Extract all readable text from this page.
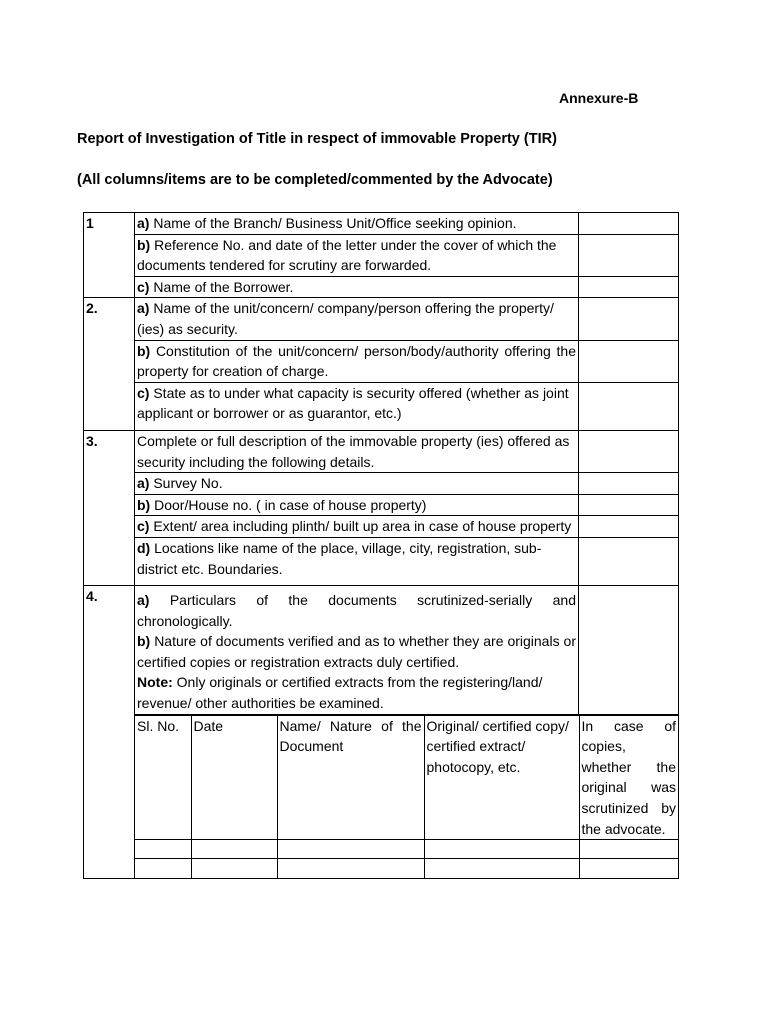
Annexure-B
Report of Investigation of Title in respect of immovable Property (TIR)
(All columns/items are to be completed/commented by the Advocate)
1	a) Name of the Branch/ Business Unit/Office seeking opinion.	
b) Reference No. and date of the letter under the cover of which the documents tendered for scrutiny are forwarded.	
c) Name of the Borrower.	
2.	a) Name of the unit/concern/ company/person offering the property/ (ies) as security.	
b) Constitution of the unit/concern/ person/body/authority offering the property for creation of charge.	
c) State as to under what capacity is security offered (whether as joint applicant or borrower or as guarantor, etc.)

3.	Complete or full description of the immovable property (ies) offered as security including the following details.	
a) Survey No.	
b) Door/House no. ( in case of house property)	
c) Extent/ area including plinth/ built up area in case of house property	
d) Locations like name of the place, village, city, registration, sub-district etc. Boundaries.

4.	a) Particulars of the documents scrutinized-serially and chronologically.
b) Nature of documents verified and as to whether they are originals or certified copies or registration extracts duly certified.
Note: Only originals or certified extracts from the registering/land/ revenue/ other authorities be examined.

Sl. No.	Date	Name/ Nature of the Document	Original/ certified copy/ certified extract/ photocopy, etc.	In case of copies, whether the original was scrutinized by the advocate.
